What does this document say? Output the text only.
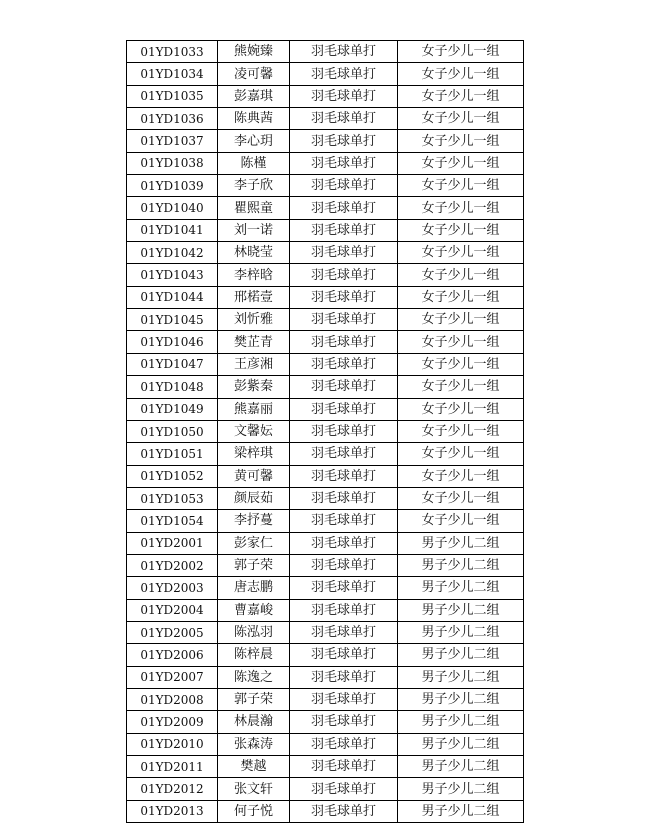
01YD1033	熊婉臻	羽毛球单打	女子少儿一组
01YD1034	凌可馨	羽毛球单打	女子少儿一组
01YD1035	彭嘉琪	羽毛球单打	女子少儿一组
01YD1036	陈典茜	羽毛球单打	女子少儿一组
01YD1037	李心玥	羽毛球单打	女子少儿一组
01YD1038	陈槿	羽毛球单打	女子少儿一组
01YD1039	李子欣	羽毛球单打	女子少儿一组
01YD1040	瞿熙童	羽毛球单打	女子少儿一组
01YD1041	刘一诺	羽毛球单打	女子少儿一组
01YD1042	林晓莹	羽毛球单打	女子少儿一组
01YD1043	李梓晗	羽毛球单打	女子少儿一组
01YD1044	邢楉壹	羽毛球单打	女子少儿一组
01YD1045	刘忻雅	羽毛球单打	女子少儿一组
01YD1046	樊芷青	羽毛球单打	女子少儿一组
01YD1047	王彦湘	羽毛球单打	女子少儿一组
01YD1048	彭紫秦	羽毛球单打	女子少儿一组
01YD1049	熊嘉丽	羽毛球单打	女子少儿一组
01YD1050	文馨妘	羽毛球单打	女子少儿一组
01YD1051	梁梓琪	羽毛球单打	女子少儿一组
01YD1052	黄可馨	羽毛球单打	女子少儿一组
01YD1053	颜辰茹	羽毛球单打	女子少儿一组
01YD1054	李抒蔓	羽毛球单打	女子少儿一组
01YD2001	彭家仁	羽毛球单打	男子少儿二组
01YD2002	郭子荣	羽毛球单打	男子少儿二组
01YD2003	唐志鹏	羽毛球单打	男子少儿二组
01YD2004	曹嘉峻	羽毛球单打	男子少儿二组
01YD2005	陈泓羽	羽毛球单打	男子少儿二组
01YD2006	陈梓晨	羽毛球单打	男子少儿二组
01YD2007	陈逸之	羽毛球单打	男子少儿二组
01YD2008	郭子荣	羽毛球单打	男子少儿二组
01YD2009	林晨瀚	羽毛球单打	男子少儿二组
01YD2010	张森涛	羽毛球单打	男子少儿二组
01YD2011	樊越	羽毛球单打	男子少儿二组
01YD2012	张文轩	羽毛球单打	男子少儿二组
01YD2013	何子悦	羽毛球单打	男子少儿二组
